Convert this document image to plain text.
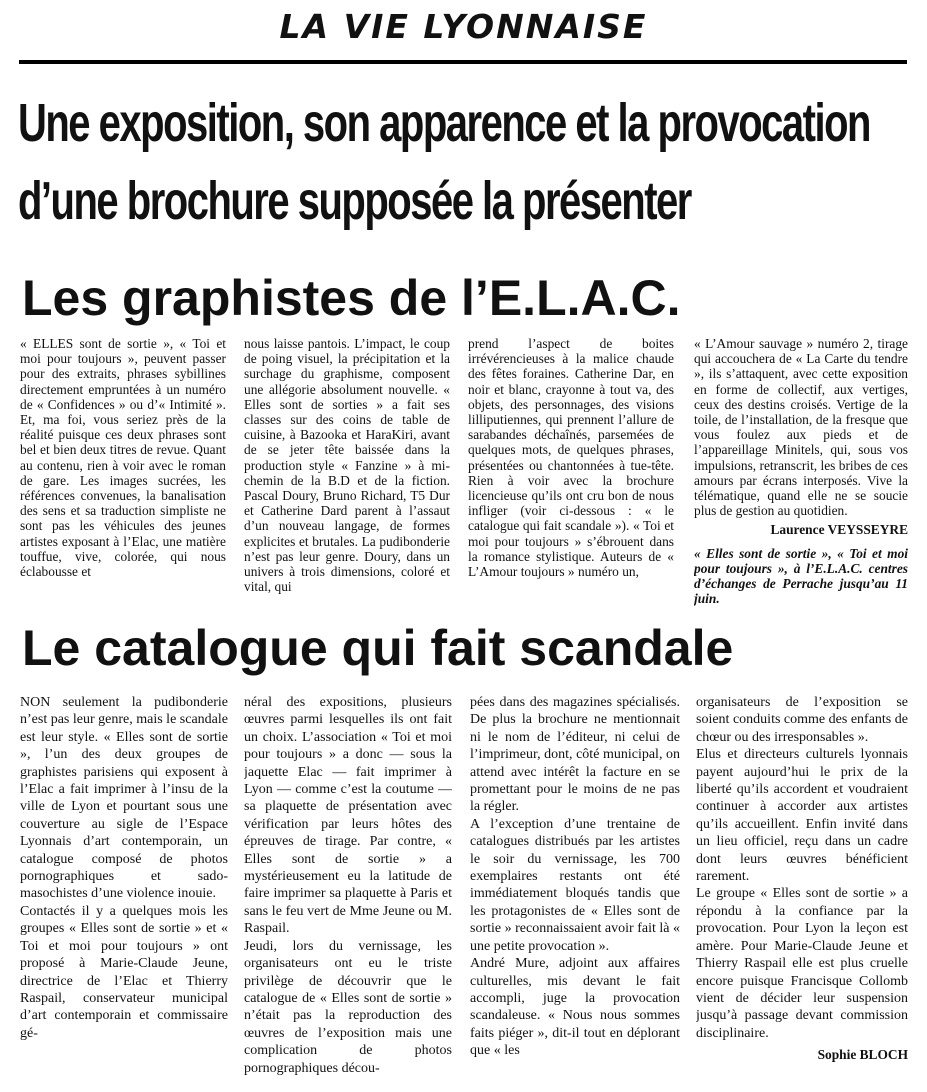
LA VIE LYONNAISE
Une exposition, son apparence et la provocation
d’une brochure supposée la présenter
Les graphistes de l’E.L.A.C.

« ELLES sont de sortie », « Toi et moi pour toujours », peuvent passer pour des extraits, phrases sybillines directement empruntées à un numéro de « Confidences » ou d’« Intimité ». Et, ma foi, vous seriez près de la réalité puisque ces deux phrases sont bel et bien deux titres de revue. Quant au contenu, rien à voir avec le roman de gare. Les images sucrées, les références convenues, la banalisation des sens et sa traduction simpliste ne sont pas les véhicules des jeunes artistes exposant à l’Elac, une matière touffue, vive, colorée, qui nous éclabousse et

nous laisse pantois. L’impact, le coup de poing visuel, la précipitation et la surchage du graphisme, composent une allégorie absolument nouvelle. « Elles sont de sorties » a fait ses classes sur des coins de table de cuisine, à Bazooka et HaraKiri, avant de se jeter tête baissée dans la production style « Fanzine » à mi-chemin de la B.D et de la fiction. Pascal Doury, Bruno Richard, T5 Dur et Catherine Dard parent à l’assaut d’un nouveau langage, de formes explicites et brutales. La pudibonderie n’est pas leur genre. Doury, dans un univers à trois dimensions, coloré et vital, qui

prend l’aspect de boites irrévérencieuses à la malice chaude des fêtes foraines. Catherine Dar, en noir et blanc, crayonne à tout va, des objets, des personnages, des visions lilliputiennes, qui prennent l’allure de sarabandes déchaînés, parsemées de quelques mots, de quelques phrases, présentées ou chantonnées à tue-tête. Rien à voir avec la brochure licencieuse qu’ils ont cru bon de nous infliger (voir ci-dessous : « le catalogue qui fait scandale »). « Toi et moi pour toujours » s’ébrouent dans la romance stylistique. Auteurs de « L’Amour toujours » numéro un,

« L’Amour sauvage » numéro 2, tirage qui accouchera de « La Carte du tendre », ils s’attaquent, avec cette exposition en forme de collectif, aux vertiges, ceux des destins croisés. Vertige de la toile, de l’installation, de la fresque que vous foulez aux pieds et de l’appareillage Minitels, qui, sous vos impulsions, retranscrit, les bribes de ces amours par écrans interposés. Vive la télématique, quand elle ne se soucie plus de gestion au quotidien.

Laurence VEYSSEYRE
« Elles sont de sortie », « Toi et moi pour toujours », à l’E.L.A.C. centres d’échanges de Perrache jusqu’au 11 juin.
Le catalogue qui fait scandale

NON seulement la pudibonderie n’est pas leur genre, mais le scandale est leur style. « Elles sont de sortie », l’un des deux groupes de graphistes parisiens qui exposent à l’Elac a fait imprimer à l’insu de la ville de Lyon et pourtant sous une couverture au sigle de l’Espace Lyonnais d’art contemporain, un catalogue composé de photos pornographiques et sado-masochistes d’une violence inouie.
Contactés il y a quelques mois les groupes « Elles sont de sortie » et « Toi et moi pour toujours » ont proposé à Marie-Claude Jeune, directrice de l’Elac et Thierry Raspail, conservateur municipal d’art contemporain et commissaire gé-

néral des expositions, plusieurs œuvres parmi lesquelles ils ont fait un choix. L’association « Toi et moi pour toujours » a donc — sous la jaquette Elac — fait imprimer à Lyon — comme c’est la coutume — sa plaquette de présentation avec vérification par leurs hôtes des épreuves de tirage. Par contre, « Elles sont de sortie » a mystérieusement eu la latitude de faire imprimer sa plaquette à Paris et sans le feu vert de Mme Jeune ou M. Raspail.
Jeudi, lors du vernissage, les organisateurs ont eu le triste privilège de découvrir que le catalogue de « Elles sont de sortie » n’était pas la reproduction des œuvres de l’exposition mais une complication de photos pornographiques décou-

pées dans des magazines spécialisés. De plus la brochure ne mentionnait ni le nom de l’éditeur, ni celui de l’imprimeur, dont, côté municipal, on attend avec intérêt la facture en se promettant pour le moins de ne pas la régler.
A l’exception d’une trentaine de catalogues distribués par les artistes le soir du vernissage, les 700 exemplaires restants ont été immédiatement bloqués tandis que les protagonistes de « Elles sont de sortie » reconnaissaient avoir fait là « une petite provocation ».
André Mure, adjoint aux affaires culturelles, mis devant le fait accompli, juge la provocation scandaleuse. « Nous nous sommes faits piéger », dit-il tout en déplorant que « les

organisateurs de l’exposition se soient conduits comme des enfants de chœur ou des irresponsables ».
Elus et directeurs culturels lyonnais payent aujourd’hui le prix de la liberté qu’ils accordent et voudraient continuer à accorder aux artistes qu’ils accueillent. Enfin invité dans un lieu officiel, reçu dans un cadre dont leurs œuvres bénéficient rarement.
Le groupe « Elles sont de sortie » a répondu à la confiance par la provocation. Pour Lyon la leçon est amère. Pour Marie-Claude Jeune et Thierry Raspail elle est plus cruelle encore puisque Francisque Collomb vient de décider leur suspension jusqu’à passage devant commission disciplinaire.

Sophie BLOCH
